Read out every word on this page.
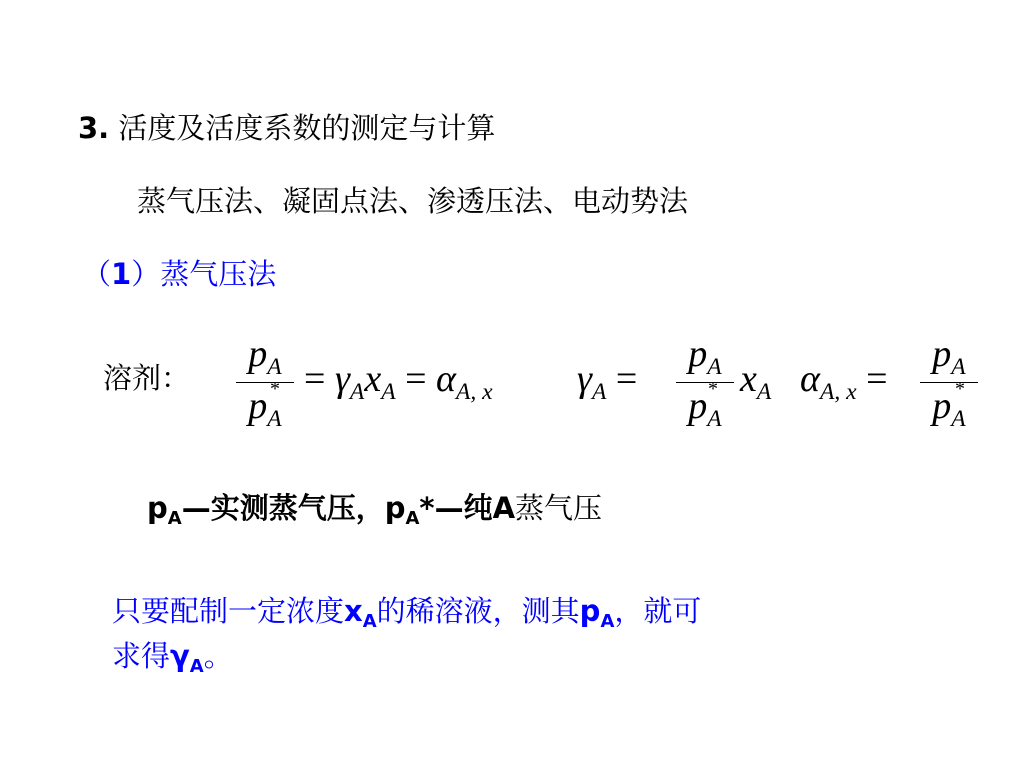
3. 活度及活度系数的测定与计算
蒸气压法、凝固点法、渗透压法、电动势法
（1）蒸气压法
溶剂：
pA
pA
* = γAxA = αA, x γA =
pA
pA
* xA αA, x =
pA
pA
*
pA—实测蒸气压，pA*—纯A蒸气压
只要配制一定浓度xA的稀溶液，测其pA，就可
求得γA。
